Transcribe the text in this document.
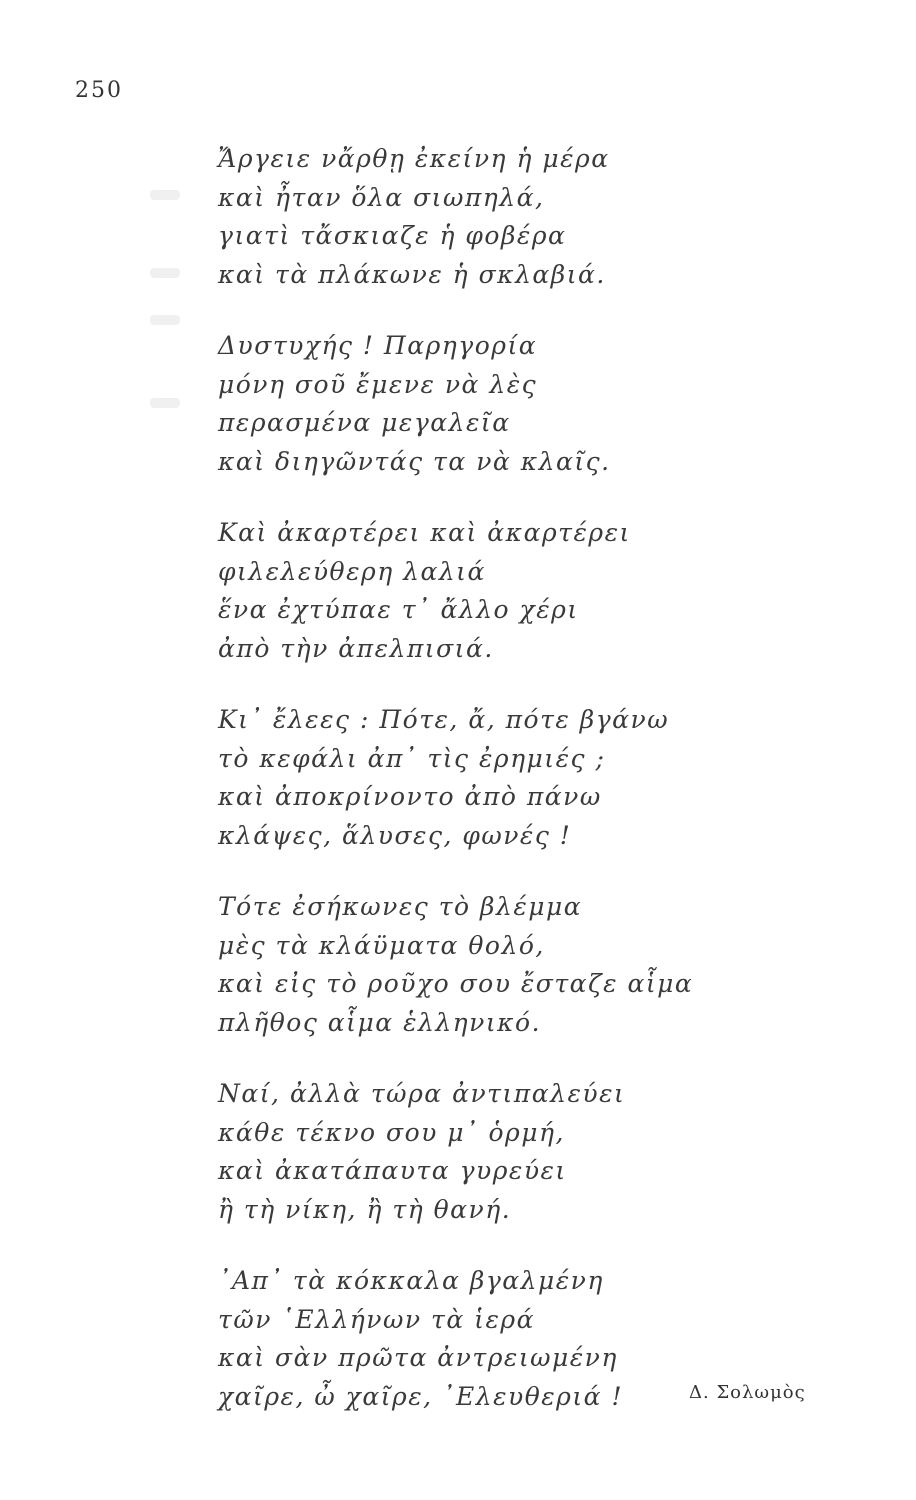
250
Ἄργειε νἄρθῃ ἐκείνη ἡ μέρα
καὶ ἦταν ὅλα σιωπηλά,
γιατὶ τἄσκιαζε ἡ φοβέρα
καὶ τὰ πλάκωνε ἡ σκλαβιά.
Δυστυχής ! Παρηγορία
μόνη σοῦ ἔμενε νὰ λὲς
περασμένα μεγαλεῖα
καὶ διηγῶντάς τα νὰ κλαῖς.
Καὶ ἀκαρτέρει καὶ ἀκαρτέρει
φιλελεύθερη λαλιά
ἕνα ἐχτύπαε τ᾽ ἄλλο χέρι
ἀπὸ τὴν ἀπελπισιά.
Κι᾽ ἔλεες : Πότε, ἄ, πότε βγάνω
τὸ κεφάλι ἀπ᾽ τὶς ἐρημιές ;
καὶ ἀποκρίνοντο ἀπὸ πάνω
κλάψες, ἅλυσες, φωνές !
Τότε ἐσήκωνες τὸ βλέμμα
μὲς τὰ κλάϋματα θολό,
καὶ εἰς τὸ ροῦχο σου ἔσταζε αἷμα
πλῆθος αἷμα ἑλληνικό.
Ναί, ἀλλὰ τώρα ἀντιπαλεύει
κάθε τέκνο σου μ᾽ ὁρμή,
καὶ ἀκατάπαυτα γυρεύει
ἢ τὴ νίκη, ἢ τὴ θανή.
᾽Απ᾽ τὰ κόκκαλα βγαλμένη
τῶν ῾Ελλήνων τὰ ἱερά
καὶ σὰν πρῶτα ἀντρειωμένη
χαῖρε, ὦ χαῖρε, ᾽Ελευθεριά !	Δ. Σολωμὸς
